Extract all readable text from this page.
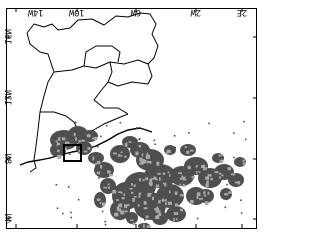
14W	10W	6W	2W	2E
16N
12N
8N
4N
